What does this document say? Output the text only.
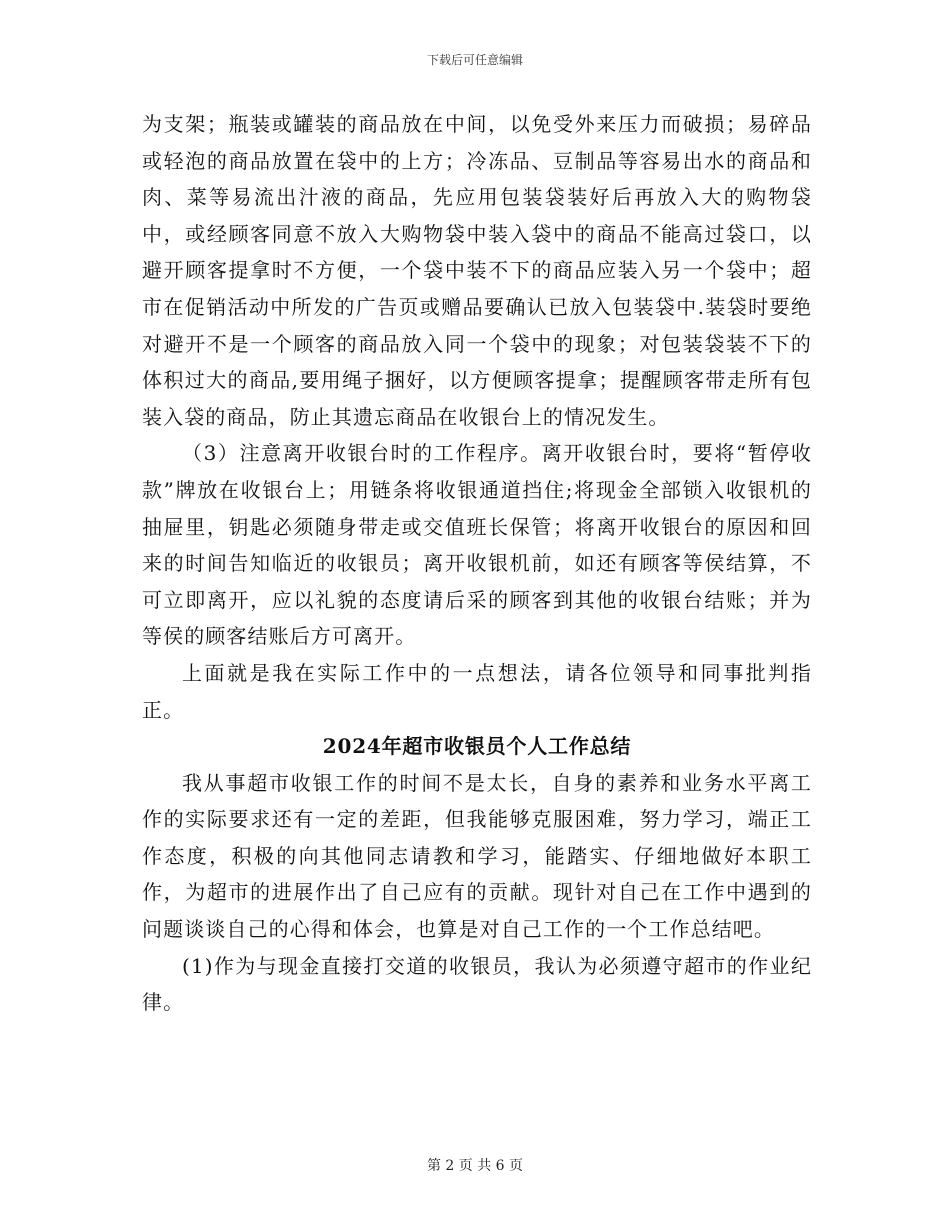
下载后可任意编辑

为支架；瓶装或罐装的商品放在中间，以免受外来压力而破损；易碎品或轻泡的商品放置在袋中的上方；冷冻品、豆制品等容易出水的商品和肉、菜等易流出汁液的商品，先应用包装袋装好后再放入大的购物袋中，或经顾客同意不放入大购物袋中装入袋中的商品不能高过袋口，以避开顾客提拿时不方便，一个袋中装不下的商品应装入另一个袋中；超市在促销活动中所发的广告页或赠品要确认已放入包装袋中.装袋时要绝对避开不是一个顾客的商品放入同一个袋中的现象；对包装袋装不下的体积过大的商品,要用绳子捆好，以方便顾客提拿；提醒顾客带走所有包装入袋的商品，防止其遗忘商品在收银台上的情况发生。

（3）注意离开收银台时的工作程序。离开收银台时，要将“暂停收款”牌放在收银台上；用链条将收银通道挡住;将现金全部锁入收银机的抽屉里，钥匙必须随身带走或交值班长保管；将离开收银台的原因和回来的时间告知临近的收银员；离开收银机前，如还有顾客等侯结算，不可立即离开，应以礼貌的态度请后采的顾客到其他的收银台结账；并为等侯的顾客结账后方可离开。

上面就是我在实际工作中的一点想法，请各位领导和同事批判指正。

2024年超市收银员个人工作总结

我从事超市收银工作的时间不是太长，自身的素养和业务水平离工作的实际要求还有一定的差距，但我能够克服困难，努力学习，端正工作态度，积极的向其他同志请教和学习，能踏实、仔细地做好本职工作，为超市的进展作出了自己应有的贡献。现针对自己在工作中遇到的问题谈谈自己的心得和体会，也算是对自己工作的一个工作总结吧。

(1)作为与现金直接打交道的收银员，我认为必须遵守超市的作业纪律。

第 2 页 共 6 页
